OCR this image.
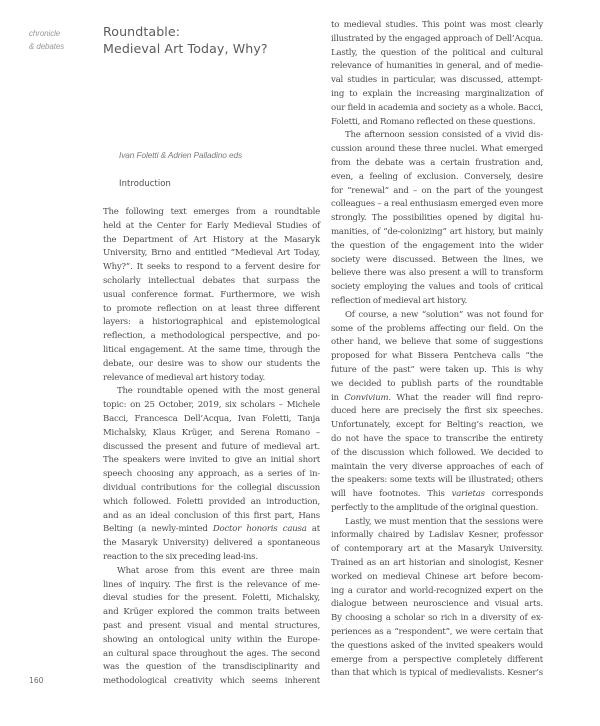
chronicle
& debates
Roundtable:
Medieval Art Today, Why?
Ivan Foletti & Adrien Palladino eds
Introduction
The following text emerges from a roundtable
held at the Center for Early Medieval Studies of
the Department of Art History at the Masaryk
University, Brno and entitled “Medieval Art Today,
Why?”. It seeks to respond to a fervent desire for
scholarly intellectual debates that surpass the
usual conference format. Furthermore, we wish
to promote reflection on at least three different
layers: a historiographical and epistemological
reflection, a methodological perspective, and po-
litical engagement. At the same time, through the
debate, our desire was to show our students the
relevance of medieval art history today.
The roundtable opened with the most general
topic: on 25 October, 2019, six scholars – Michele
Bacci, Francesca Dell’Acqua, Ivan Foletti, Tanja
Michalsky, Klaus Krüger, and Serena Romano –
discussed the present and future of medieval art.
The speakers were invited to give an initial short
speech choosing any approach, as a series of in-
dividual contributions for the collegial discussion
which followed. Foletti provided an introduction,
and as an ideal conclusion of this first part, Hans
Belting (a newly-minted Doctor honoris causa at
the Masaryk University) delivered a spontaneous
reaction to the six preceding lead-ins.
What arose from this event are three main
lines of inquiry. The first is the relevance of me-
dieval studies for the present. Foletti, Michalsky,
and Krüger explored the common traits between
past and present visual and mental structures,
showing an ontological unity within the Europe-
an cultural space throughout the ages. The second
was the question of the transdisciplinarity and
methodological creativity which seems inherent
to medieval studies. This point was most clearly
illustrated by the engaged approach of Dell’Acqua.
Lastly, the question of the political and cultural
relevance of humanities in general, and of medie-
val studies in particular, was discussed, attempt-
ing to explain the increasing marginalization of
our field in academia and society as a whole. Bacci,
Foletti, and Romano reflected on these questions.
The afternoon session consisted of a vivid dis-
cussion around these three nuclei. What emerged
from the debate was a certain frustration and,
even, a feeling of exclusion. Conversely, desire
for “renewal” and – on the part of the youngest
colleagues – a real enthusiasm emerged even more
strongly. The possibilities opened by digital hu-
manities, of “de-colonizing” art history, but mainly
the question of the engagement into the wider
society were discussed. Between the lines, we
believe there was also present a will to transform
society employing the values and tools of critical
reflection of medieval art history.
Of course, a new “solution” was not found for
some of the problems affecting our field. On the
other hand, we believe that some of suggestions
proposed for what Bissera Pentcheva calls “the
future of the past” were taken up. This is why
we decided to publish parts of the roundtable
in Convivium. What the reader will find repro-
duced here are precisely the first six speeches.
Unfortunately, except for Belting’s reaction, we
do not have the space to transcribe the entirety
of the discussion which followed. We decided to
maintain the very diverse approaches of each of
the speakers: some texts will be illustrated; others
will have footnotes. This varietas corresponds
perfectly to the amplitude of the original question.
Lastly, we must mention that the sessions were
informally chaired by Ladislav Kesner, professor
of contemporary art at the Masaryk University.
Trained as an art historian and sinologist, Kesner
worked on medieval Chinese art before becom-
ing a curator and world-recognized expert on the
dialogue between neuroscience and visual arts.
By choosing a scholar so rich in a diversity of ex-
periences as a “respondent”, we were certain that
the questions asked of the invited speakers would
emerge from a perspective completely different
than that which is typical of medievalists. Kesner’s
160
